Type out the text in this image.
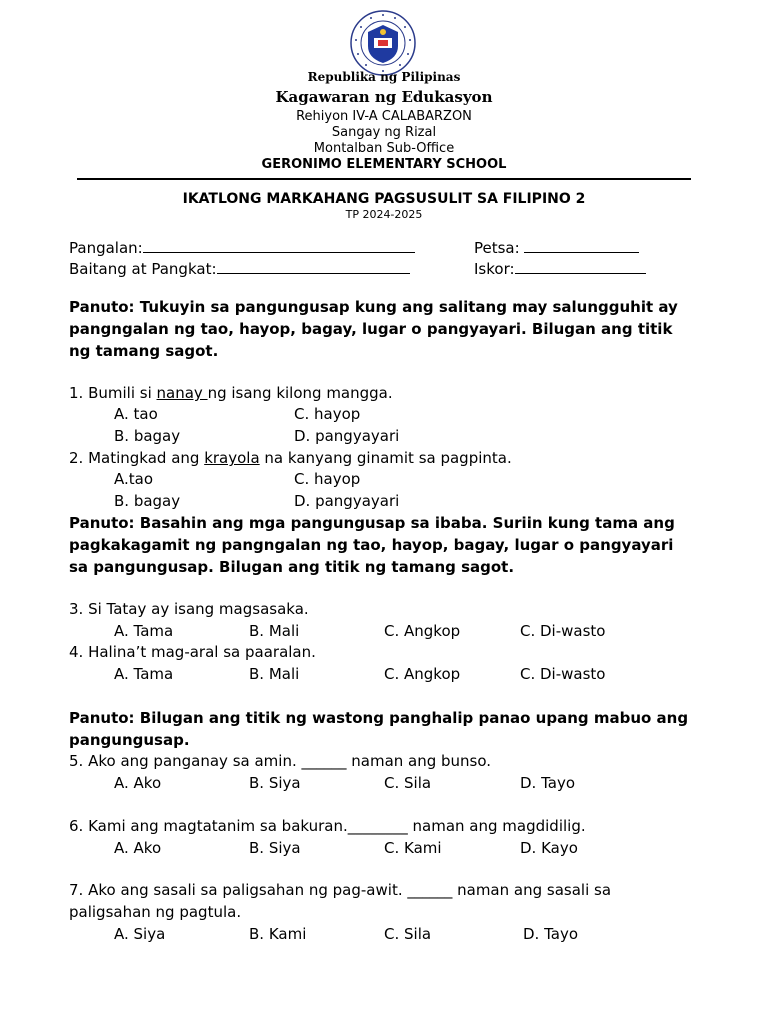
Republika ng Pilipinas
Kagawaran ng Edukasyon
Rehiyon IV-A CALABARZON
Sangay ng Rizal
Montalban Sub-Office
GERONIMO ELEMENTARY SCHOOL
IKATLONG MARKAHANG PAGSUSULIT SA FILIPINO 2
TP 2024-2025
Pangalan:	Petsa:
Baitang at Pangkat:	Iskor:
Panuto: Tukuyin sa pangungusap kung ang salitang may salungguhit ay
pangngalan ng tao, hayop, bagay, lugar o pangyayari. Bilugan ang titik
ng tamang sagot.
1. Bumili si nanay ng isang kilong mangga.
A. tao	C. hayop
B. bagay	D. pangyayari
2. Matingkad ang krayola na kanyang ginamit sa pagpinta.
A.tao	C. hayop
B. bagay	D. pangyayari
Panuto: Basahin ang mga pangungusap sa ibaba. Suriin kung tama ang
pagkakagamit ng pangngalan ng tao, hayop, bagay, lugar o pangyayari
sa pangungusap. Bilugan ang titik ng tamang sagot.
3. Si Tatay ay isang magsasaka.
A. Tama	B. Mali	C. Angkop	C. Di-wasto
4. Halina’t mag-aral sa paaralan.
A. Tama	B. Mali	C. Angkop	C. Di-wasto
Panuto: Bilugan ang titik ng wastong panghalip panao upang mabuo ang
pangungusap.
5. Ako ang panganay sa amin. ______ naman ang bunso.
A. Ako	B. Siya	C. Sila	D. Tayo
6. Kami ang magtatanim sa bakuran.________ naman ang magdidilig.
A. Ako	B. Siya	C. Kami	D. Kayo
7. Ako ang sasali sa paligsahan ng pag-awit. ______ naman ang sasali sa
paligsahan ng pagtula.
A. Siya	B. Kami	C. Sila	D. Tayo
